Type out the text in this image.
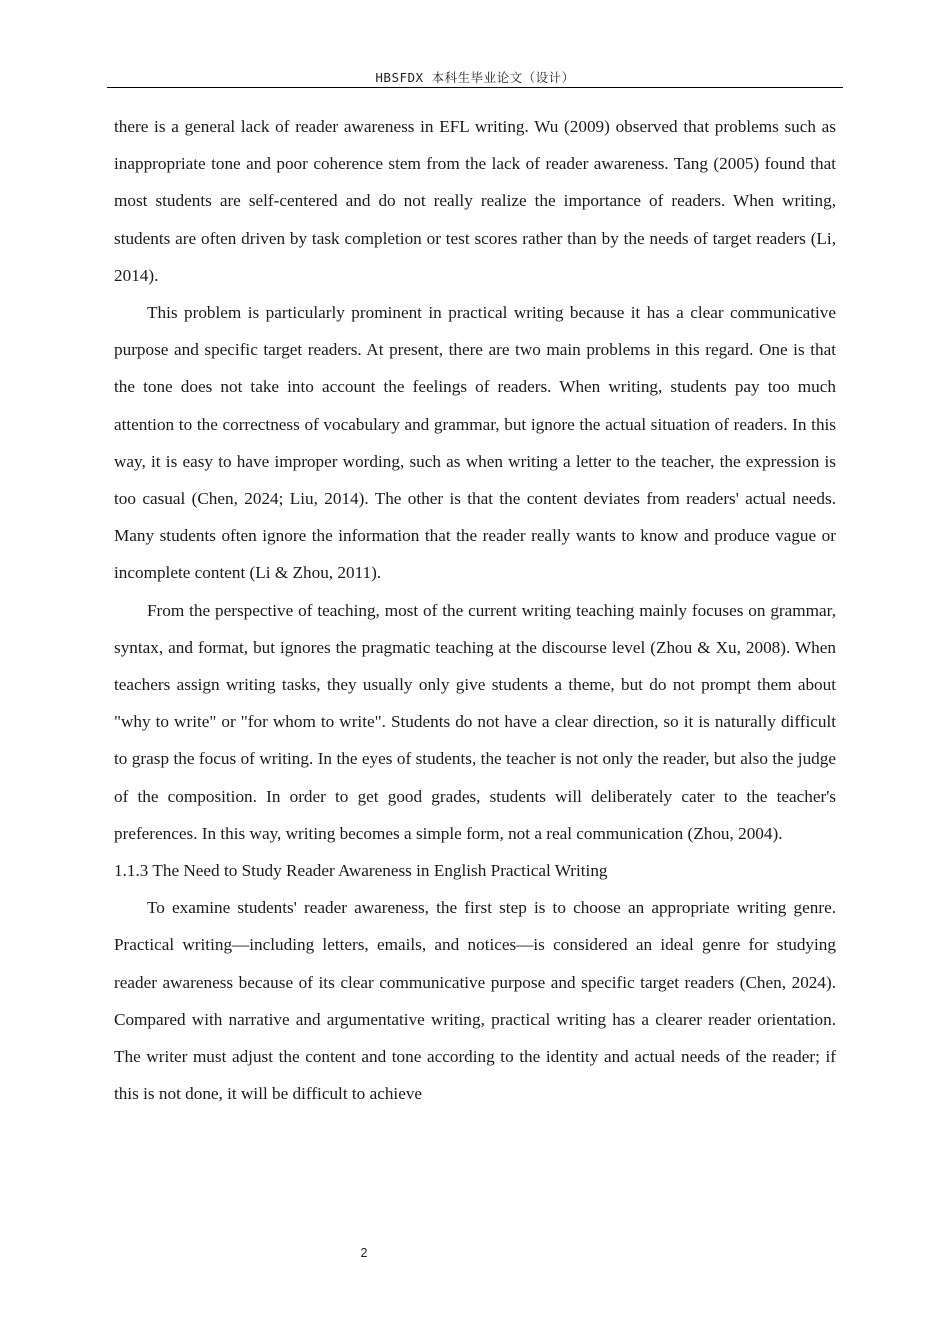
HBSFDX 本科生毕业论文（设计）

there is a general lack of reader awareness in EFL writing. Wu (2009) observed that problems such as inappropriate tone and poor coherence stem from the lack of reader awareness. Tang (2005) found that most students are self-centered and do not really realize the importance of readers. When writing, students are often driven by task completion or test scores rather than by the needs of target readers (Li, 2014).

This problem is particularly prominent in practical writing because it has a clear communicative purpose and specific target readers. At present, there are two main problems in this regard. One is that the tone does not take into account the feelings of readers. When writing, students pay too much attention to the correctness of vocabulary and grammar, but ignore the actual situation of readers. In this way, it is easy to have improper wording, such as when writing a letter to the teacher, the expression is too casual (Chen, 2024; Liu, 2014). The other is that the content deviates from readers' actual needs. Many students often ignore the information that the reader really wants to know and produce vague or incomplete content (Li & Zhou, 2011).

From the perspective of teaching, most of the current writing teaching mainly focuses on grammar, syntax, and format, but ignores the pragmatic teaching at the discourse level (Zhou & Xu, 2008). When teachers assign writing tasks, they usually only give students a theme, but do not prompt them about "why to write" or "for whom to write". Students do not have a clear direction, so it is naturally difficult to grasp the focus of writing. In the eyes of students, the teacher is not only the reader, but also the judge of the composition. In order to get good grades, students will deliberately cater to the teacher's preferences. In this way, writing becomes a simple form, not a real communication (Zhou, 2004).

1.1.3 The Need to Study Reader Awareness in English Practical Writing

To examine students' reader awareness, the first step is to choose an appropriate writing genre. Practical writing—including letters, emails, and notices—is considered an ideal genre for studying reader awareness because of its clear communicative purpose and specific target readers (Chen, 2024). Compared with narrative and argumentative writing, practical writing has a clearer reader orientation. The writer must adjust the content and tone according to the identity and actual needs of the reader; if this is not done, it will be difficult to achieve

2
